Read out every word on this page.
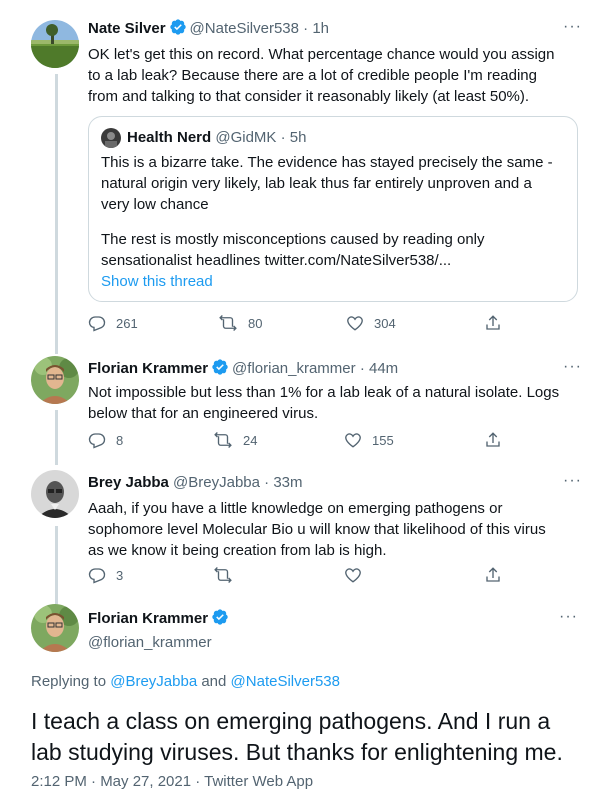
Nate Silver @NateSilver538 · 1h	···
OK let's get this on record. What percentage chance would you assign to a lab leak? Because there are a lot of credible people I'm reading from and talking to that consider it reasonably likely (at least 50%).
Health Nerd
@GidMK
· 5h
This is a bizarre take. The evidence has stayed precisely the same - natural origin very likely, lab leak thus far entirely unproven and a very low chance
The rest is mostly misconceptions caused by reading only sensationalist headlines twitter.com/NateSilver538/...
Show this thread
261	80	304
Florian Krammer @florian_krammer · 44m	···
Not impossible but less than 1% for a lab leak of a natural isolate. Logs below that for an engineered virus.
8	24	155
Brey Jabba @BreyJabba · 33m	···
Aaah, if you have a little knowledge on emerging pathogens or sophomore level Molecular Bio u will know that likelihood of this virus as we know it being creation from lab is high.
3
Florian Krammer	···
@florian_krammer
Replying to @BreyJabba and @NateSilver538
I teach a class on emerging pathogens. And I run a lab studying viruses. But thanks for enlightening me.
2:12 PM · May 27, 2021 · Twitter Web App
